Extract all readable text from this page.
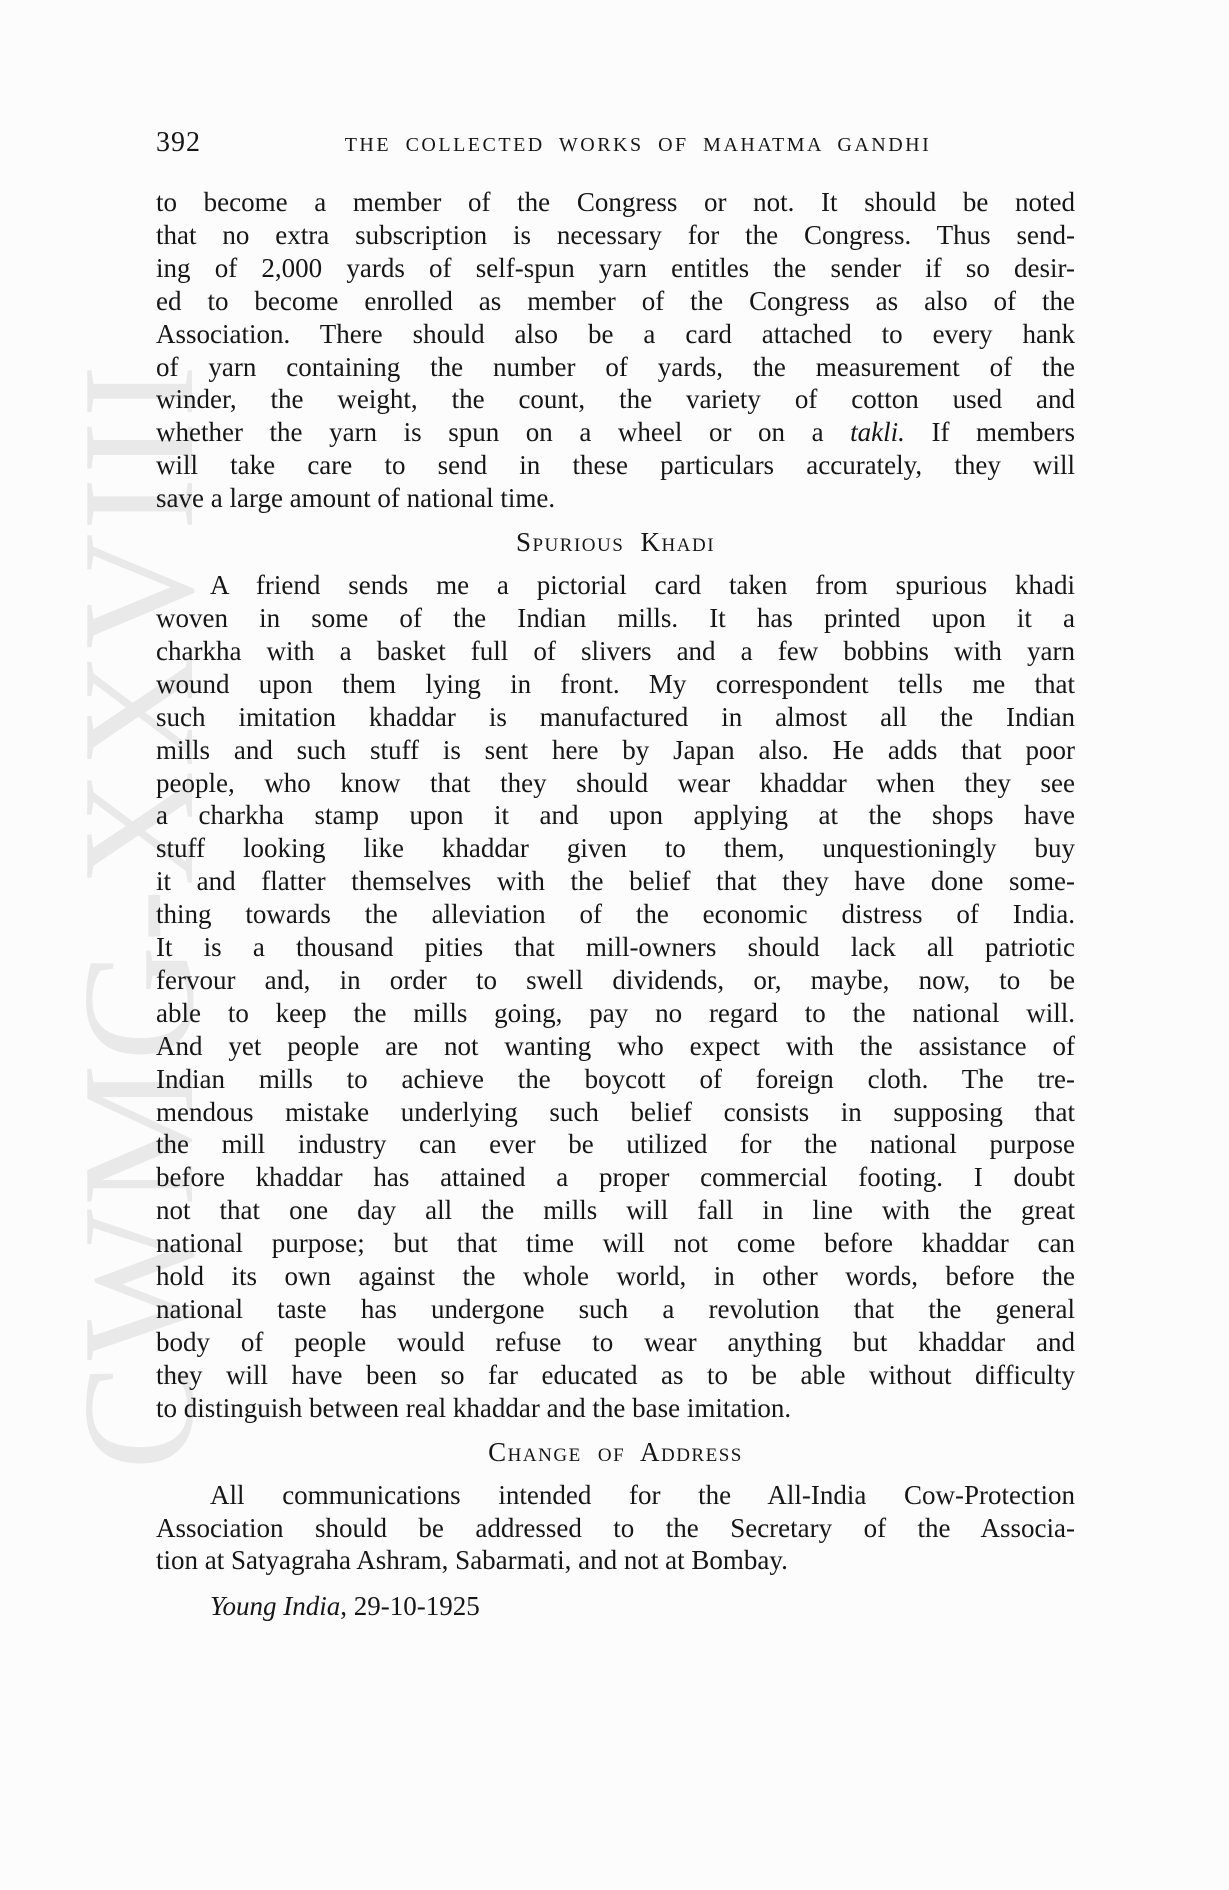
CWMG-XXVIII
392	THE COLLECTED WORKS OF MAHATMA GANDHI
to become a member of the Congress or not. It should be noted
that no extra subscription is necessary for the Congress. Thus send-
ing of 2,000 yards of self-spun yarn entitles the sender if so desir-
ed to become enrolled as member of the Congress as also of the
Association. There should also be a card attached to every hank
of yarn containing the number of yards, the measurement of the
winder, the weight, the count, the variety of cotton used and
whether the yarn is spun on a wheel or on a takli. If members
will take care to send in these particulars accurately, they will
save a large amount of national time.
Spurious Khadi
A friend sends me a pictorial card taken from spurious khadi
woven in some of the Indian mills. It has printed upon it a
charkha with a basket full of slivers and a few bobbins with yarn
wound upon them lying in front. My correspondent tells me that
such imitation khaddar is manufactured in almost all the Indian
mills and such stuff is sent here by Japan also. He adds that poor
people, who know that they should wear khaddar when they see
a charkha stamp upon it and upon applying at the shops have
stuff looking like khaddar given to them, unquestioningly buy
it and flatter themselves with the belief that they have done some-
thing towards the alleviation of the economic distress of India.
It is a thousand pities that mill-owners should lack all patriotic
fervour and, in order to swell dividends, or, maybe, now, to be
able to keep the mills going, pay no regard to the national will.
And yet people are not wanting who expect with the assistance of
Indian mills to achieve the boycott of foreign cloth. The tre-
mendous mistake underlying such belief consists in supposing that
the mill industry can ever be utilized for the national purpose
before khaddar has attained a proper commercial footing. I doubt
not that one day all the mills will fall in line with the great
national purpose; but that time will not come before khaddar can
hold its own against the whole world, in other words, before the
national taste has undergone such a revolution that the general
body of people would refuse to wear anything but khaddar and
they will have been so far educated as to be able without difficulty
to distinguish between real khaddar and the base imitation.
Change of Address
All communications intended for the All-India Cow-Protection
Association should be addressed to the Secretary of the Associa-
tion at Satyagraha Ashram, Sabarmati, and not at Bombay.
Young India, 29-10-1925
